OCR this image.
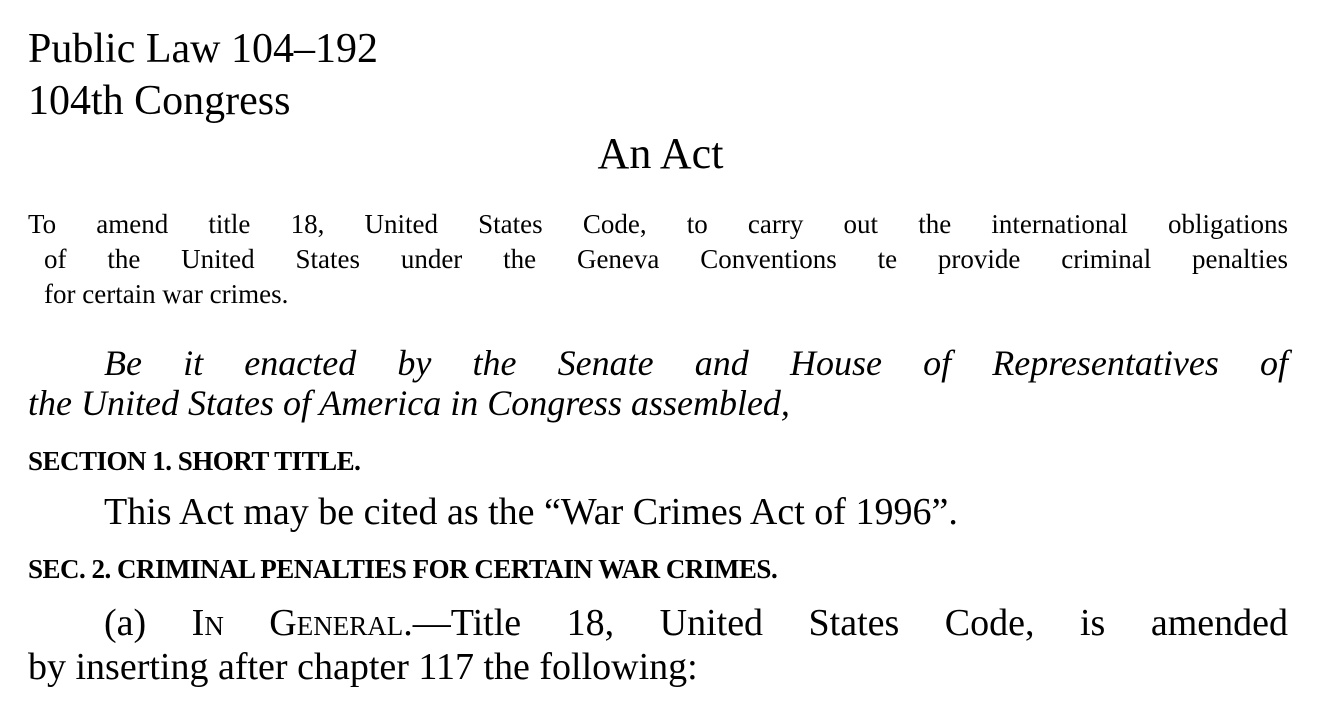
Public Law 104–192
104th Congress
An Act
To amend title 18, United States Code, to carry out the international obligations
of the United States under the Geneva Conventions te provide criminal penalties
for certain war crimes.
Be it enacted by the Senate and House of Representatives of
the United States of America in Congress assembled,
SECTION 1. SHORT TITLE.
This Act may be cited as the “War Crimes Act of 1996”.
SEC. 2. CRIMINAL PENALTIES FOR CERTAIN WAR CRIMES.
(a) In General.—Title 18, United States Code, is amended
by inserting after chapter 117 the following:
